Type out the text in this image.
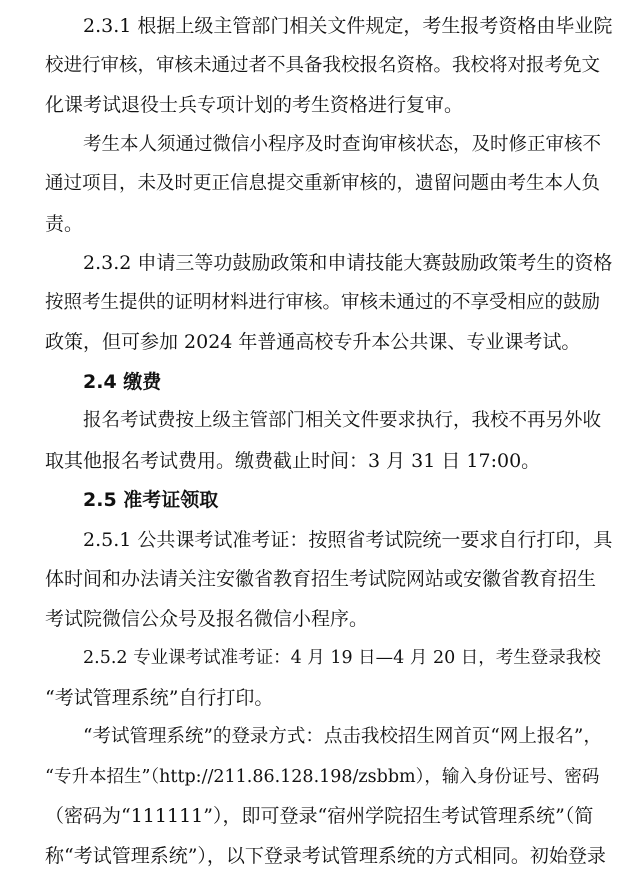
2.3.1 根据上级主管部门相关文件规定，考生报考资格由毕业院
校进行审核，审核未通过者不具备我校报名资格。我校将对报考免文
化课考试退役士兵专项计划的考生资格进行复审。
考生本人须通过微信小程序及时查询审核状态，及时修正审核不
通过项目，未及时更正信息提交重新审核的，遗留问题由考生本人负
责。
2.3.2 申请三等功鼓励政策和申请技能大赛鼓励政策考生的资格
按照考生提供的证明材料进行审核。审核未通过的不享受相应的鼓励
政策，但可参加 2024 年普通高校专升本公共课、专业课考试。
2.4 缴费
报名考试费按上级主管部门相关文件要求执行，我校不再另外收
取其他报名考试费用。缴费截止时间：3 月 31 日 17:00。
2.5 准考证领取
2.5.1 公共课考试准考证：按照省考试院统一要求自行打印，具
体时间和办法请关注安徽省教育招生考试院网站或安徽省教育招生
考试院微信公众号及报名微信小程序。
2.5.2 专业课考试准考证：4 月 19 日—4 月 20 日，考生登录我校
“考试管理系统”自行打印。
“考试管理系统”的登录方式：点击我校招生网首页“网上报名”，
“专升本招生”（http://211.86.128.198/zsbbm），输入身份证号、密码
（密码为“111111”），即可登录“宿州学院招生考试管理系统”（简
称“考试管理系统”），以下登录考试管理系统的方式相同。初始登录
